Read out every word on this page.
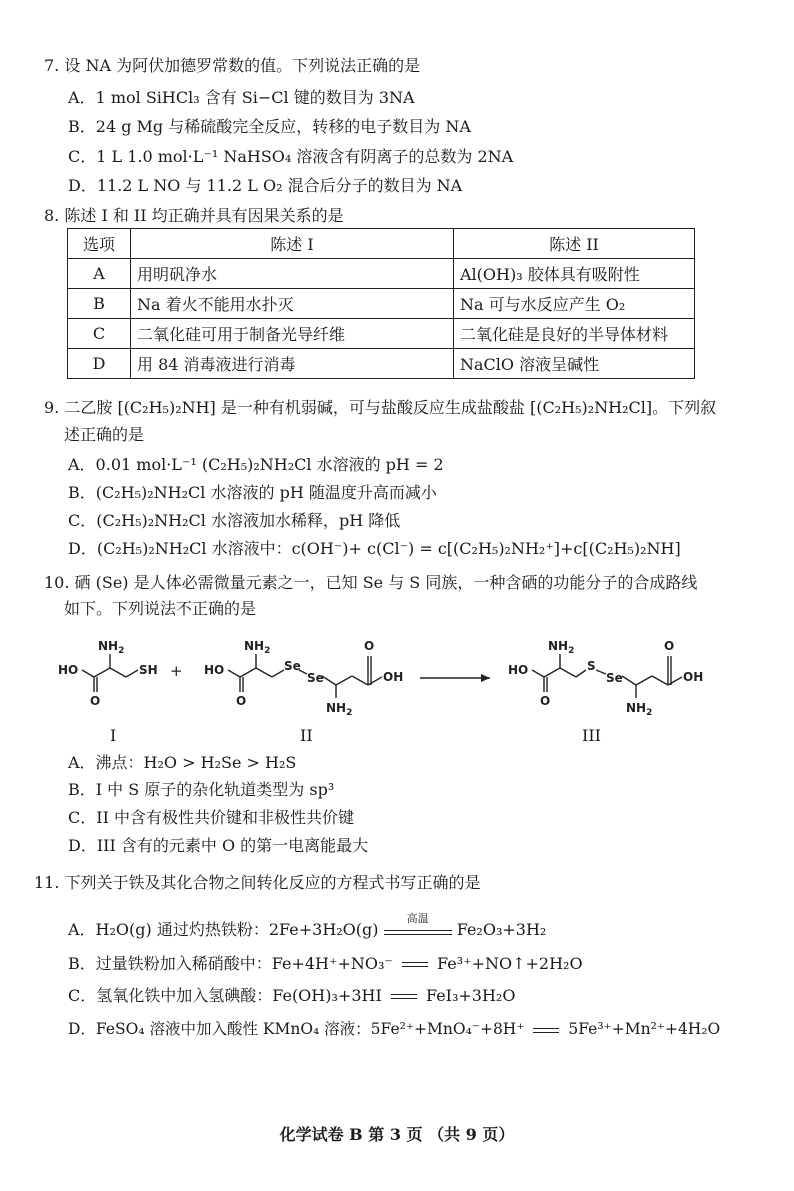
7. 设 NA 为阿伏加德罗常数的值。下列说法正确的是
A．1 mol SiHCl₃ 含有 Si−Cl 键的数目为 3NA
B．24 g Mg 与稀硫酸完全反应，转移的电子数目为 NA
C．1 L 1.0 mol·L⁻¹ NaHSO₄ 溶液含有阴离子的总数为 2NA
D．11.2 L NO 与 11.2 L O₂ 混合后分子的数目为 NA
8. 陈述 I 和 II 均正确并具有因果关系的是
选项	陈述 I	陈述 II
A	用明矾净水	Al(OH)₃ 胶体具有吸附性
B	Na 着火不能用水扑灭	Na 可与水反应产生 O₂
C	二氧化硅可用于制备光导纤维	二氧化硅是良好的半导体材料
D	用 84 消毒液进行消毒	NaClO 溶液呈碱性
9. 二乙胺 [(C₂H₅)₂NH] 是一种有机弱碱，可与盐酸反应生成盐酸盐 [(C₂H₅)₂NH₂Cl]。下列叙
述正确的是
A．0.01 mol·L⁻¹ (C₂H₅)₂NH₂Cl 水溶液的 pH = 2
B．(C₂H₅)₂NH₂Cl 水溶液的 pH 随温度升高而减小
C．(C₂H₅)₂NH₂Cl 水溶液加水稀释，pH 降低
D．(C₂H₅)₂NH₂Cl 水溶液中：c(OH⁻)+ c(Cl⁻) = c[(C₂H₅)₂NH₂⁺]+c[(C₂H₅)₂NH]
10. 硒 (Se) 是人体必需微量元素之一，已知 Se 与 S 同族，一种含硒的功能分子的合成路线
如下。下列说法不正确的是
HO
$NH_2$
SH
O
+ HO
$NH_2$
O
Se
Se
O
OH
$NH_2$
HO
$NH_2$
O
S
Se
O
OH
$NH_2$
I	II	III
A．沸点：H₂O > H₂Se > H₂S
B．I 中 S 原子的杂化轨道类型为 sp³
C．II 中含有极性共价键和非极性共价键
D．III 含有的元素中 O 的第一电离能最大
11. 下列关于铁及其化合物之间转化反应的方程式书写正确的是
A．H₂O(g) 通过灼热铁粉：2Fe+3H₂O(g)
高温
Fe₂O₃+3H₂
B．过量铁粉加入稀硝酸中：Fe+4H⁺+NO₃⁻	Fe³⁺+NO↑+2H₂O
C．氢氧化铁中加入氢碘酸：Fe(OH)₃+3HI	FeI₃+3H₂O
D．FeSO₄ 溶液中加入酸性 KMnO₄ 溶液：5Fe²⁺+MnO₄⁻+8H⁺	5Fe³⁺+Mn²⁺+4H₂O
化学试卷 B 第 3 页 （共 9 页）
